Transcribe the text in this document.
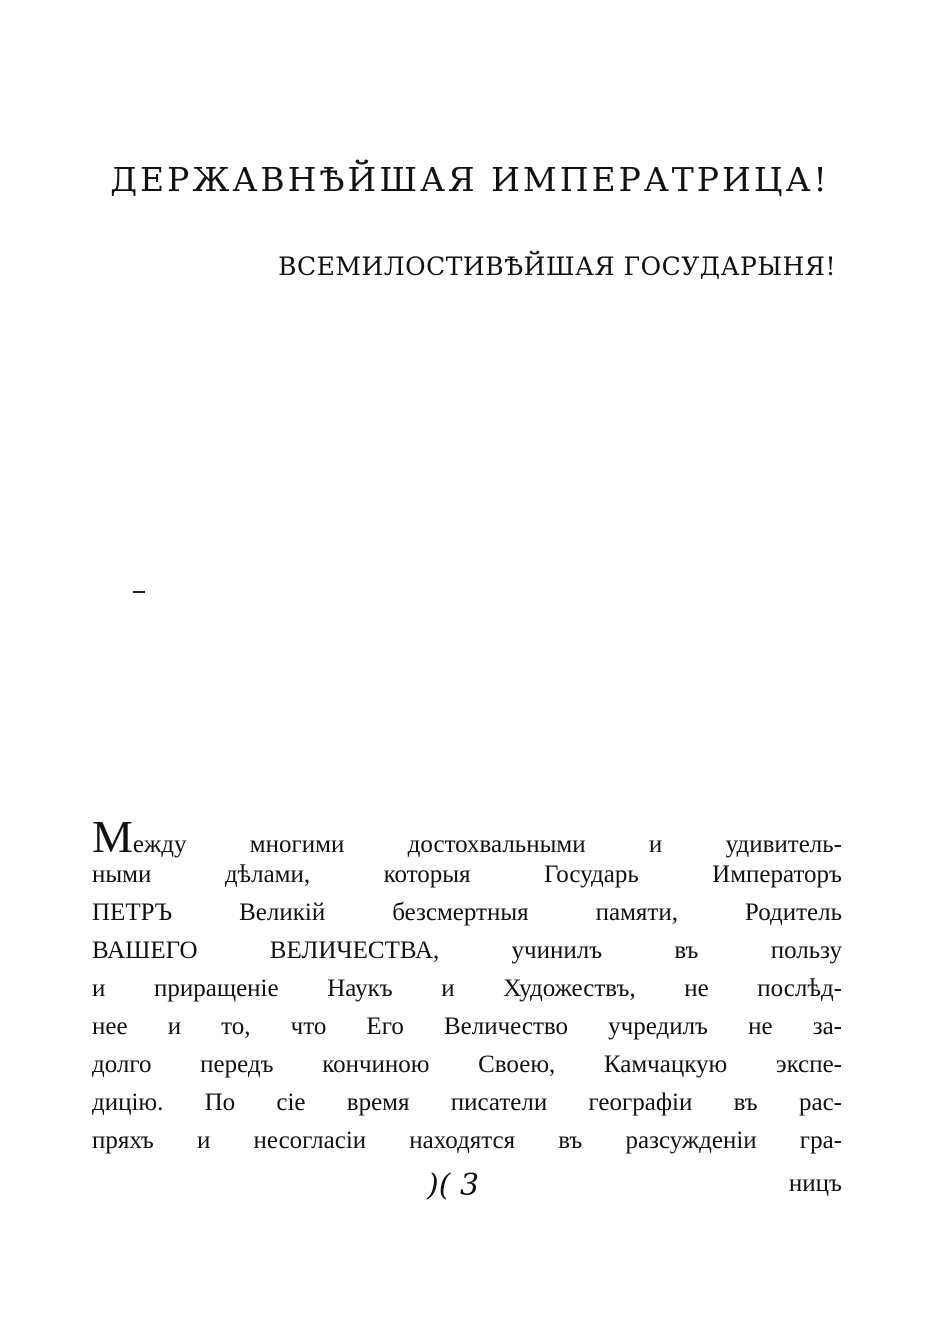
ДЕРЖАВНѢЙШАЯ ИМПЕРАТРИЦА!
ВСЕМИЛОСТИВѢЙШАЯ ГОСУДАРЫНЯ!
Между многими достохвальными и удивитель-
ными дѣлами, которыя Государь Императоръ
ПЕТРЪ Великій безсмертныя памяти, Родитель
ВАШЕГО ВЕЛИЧЕСТВА, учинилъ въ пользу
и приращеніе Наукъ и Художествъ, не послѣд-
нее и то, что Его Величество учредилъ не за-
долго передъ кончиною Своею, Камчацкую экспе-
дицію. По сіе время писатели географіи въ рас-
пряхъ и несогласіи находятся въ разсужденіи гра-
)( 3	ницъ
